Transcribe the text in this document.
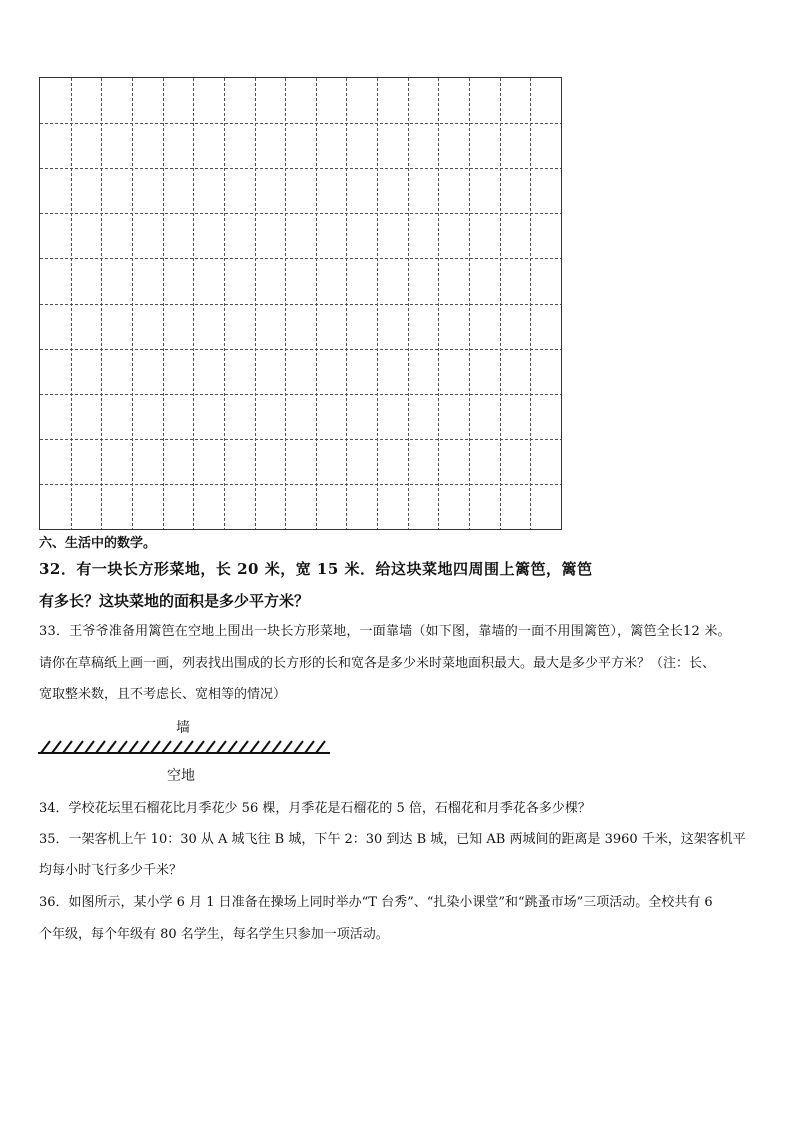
六、生活中的数学。
32．有一块长方形菜地，长 20 米，宽 15 米．给这块菜地四周围上篱笆，篱笆
有多长？这块菜地的面积是多少平方米？
33．王爷爷准备用篱笆在空地上围出一块长方形菜地，一面靠墙（如下图，靠墙的一面不用围篱笆），篱笆全长12 米。
请你在草稿纸上画一画，列表找出围成的长方形的长和宽各是多少米时菜地面积最大。最大是多少平方米？（注：长、
宽取整米数，且不考虑长、宽相等的情况）
墙
空地
34．学校花坛里石榴花比月季花少 56 棵，月季花是石榴花的 5 倍，石榴花和月季花各多少棵？
35．一架客机上午 10：30 从 A 城飞往 B 城，下午 2：30 到达 B 城，已知 AB 两城间的距离是 3960 千米，这架客机平
均每小时飞行多少千米？
36．如图所示，某小学 6 月 1 日准备在操场上同时举办“T 台秀”、“扎染小课堂”和“跳蚤市场”三项活动。全校共有 6
个年级，每个年级有 80 名学生，每名学生只参加一项活动。
